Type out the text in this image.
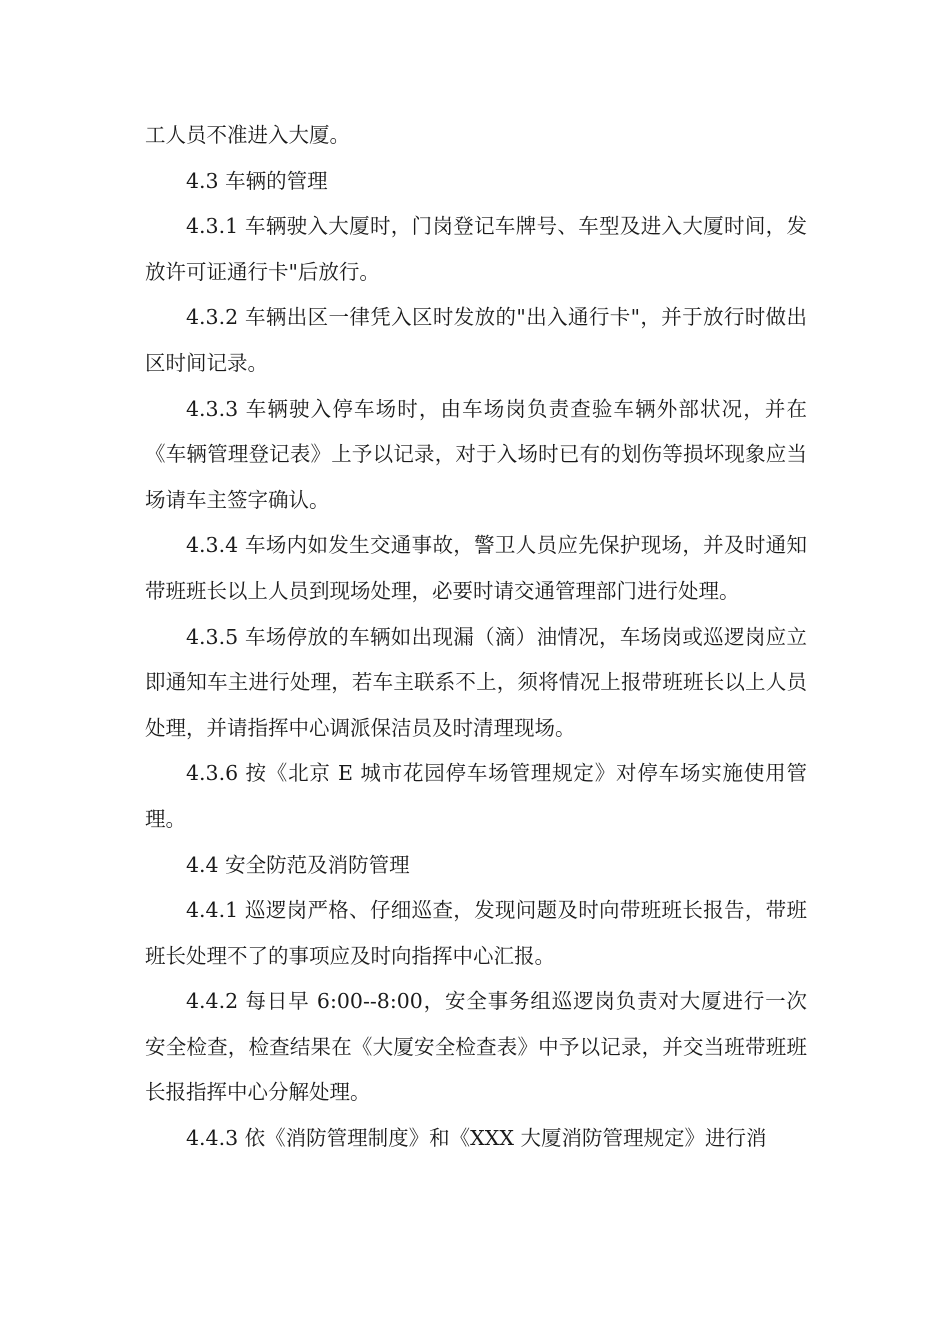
工人员不准进入大厦。

4.3 车辆的管理

4.3.1 车辆驶入大厦时，门岗登记车牌号、车型及进入大厦时间，发放许可证通行卡"后放行。

4.3.2 车辆出区一律凭入区时发放的"出入通行卡"，并于放行时做出区时间记录。

4.3.3 车辆驶入停车场时，由车场岗负责查验车辆外部状况，并在《车辆管理登记表》上予以记录，对于入场时已有的划伤等损坏现象应当场请车主签字确认。

4.3.4 车场内如发生交通事故，警卫人员应先保护现场，并及时通知带班班长以上人员到现场处理，必要时请交通管理部门进行处理。

4.3.5 车场停放的车辆如出现漏（滴）油情况，车场岗或巡逻岗应立即通知车主进行处理，若车主联系不上，须将情况上报带班班长以上人员处理，并请指挥中心调派保洁员及时清理现场。

4.3.6 按《北京 E 城市花园停车场管理规定》对停车场实施使用管理。

4.4 安全防范及消防管理

4.4.1 巡逻岗严格、仔细巡查，发现问题及时向带班班长报告，带班班长处理不了的事项应及时向指挥中心汇报。

4.4.2 每日早 6:00--8:00，安全事务组巡逻岗负责对大厦进行一次安全检查，检查结果在《大厦安全检查表》中予以记录，并交当班带班班长报指挥中心分解处理。

4.4.3 依《消防管理制度》和《XXX 大厦消防管理规定》进行消
